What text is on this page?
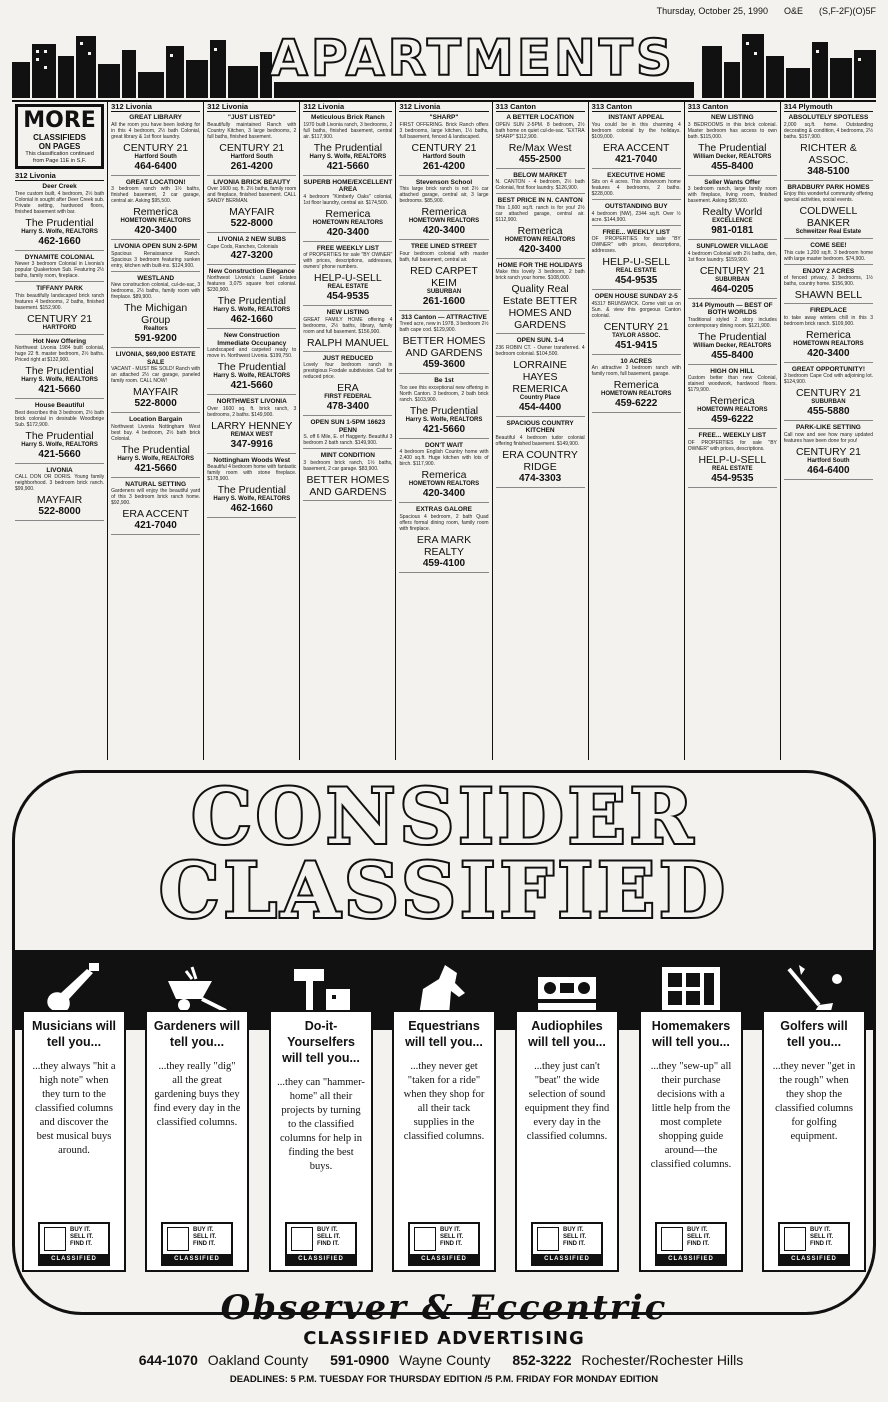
Thursday, October 25, 1990 O&E (S,F-2F)(O)5F
APARTMENTS
MORE
CLASSIFIEDS
ON PAGES
This classification continued from Page 11E in S,F.
312 Livonia
Deer Creek
Tree custom built, 4 bedroom, 2½ bath Colonial in sought after Deer Creek sub. Private setting, hardwood floors, finished basement with bar.
The Prudential
Harry S. Wolfe, REALTORS
462-1660
DYNAMITE COLONIAL
Newer 3 bedroom Colonial in Livonia's popular Quakertown Sub. Featuring 2½ baths, family room, fireplace.
TIFFANY PARK
This beautifully landscaped brick ranch features 4 bedrooms, 2 baths, finished basement. $152,900.
CENTURY 21
HARTFORD
Hot New Offering
Northwest Livonia 1984 built colonial, huge 22 ft. master bedroom, 2½ baths. Priced right at $132,900.
The Prudential
Harry S. Wolfe, REALTORS
421-5660
House Beautiful
Best describes this 3 bedroom, 2½ bath brick colonial in desirable Woodbrige Sub. $172,900.
The Prudential
Harry S. Wolfe, REALTORS
421-5660
LIVONIA
CALL DON OR DORIS. Young family neighborhood. 3 bedroom brick ranch. $99,900.
MAYFAIR
522-8000
312 Livonia
GREAT LIBRARY
All the room you have been looking for in this 4 bedroom, 2½ bath Colonial, great library & 1st floor laundry.
CENTURY 21
Hartford South
464-6400
GREAT LOCATION!
3 bedroom ranch with 1½ baths, finished basement, 2 car garage, central air. Asking $95,500.
Remerica
HOMETOWN REALTORS
420-3400
LIVONIA OPEN SUN 2-5PM
Spacious Renaissance Ranch. Spacious 3 bedroom featuring sunken entry, kitchen with built-ins. $124,900.
WESTLAND
New construction colonial, cul-de-sac, 3 bedrooms, 2½ baths, family room with fireplace. $89,900.
The Michigan Group
Realtors
591-9200
LIVONIA, $69,900 ESTATE SALE
VACANT - MUST BE SOLD! Ranch with an attached 2½ car garage, paneled family room. CALL NOW!
MAYFAIR
522-8000
Location Bargain
Northwest Livonia Nottingham West best buy. 4 bedroom, 2½ bath brick Colonial.
The Prudential
Harry S. Wolfe, REALTORS
421-5660
NATURAL SETTING
Gardeners will enjoy the beautiful yard of this 3 bedroom brick ranch home. $92,900.
ERA ACCENT
421-7040
312 Livonia
"JUST LISTED"
Beautifully maintained Ranch with Country Kitchen, 3 large bedrooms, 2 full baths, finished basement.
CENTURY 21
Hartford South
261-4200
LIVONIA BRICK BEAUTY
Over 1600 sq. ft. 2½ baths, family room and fireplace, finished basement. CALL SANDY BERMAN.
MAYFAIR
522-8000
LIVONIA 2 NEW SUBS
Cape Cods, Ranches, Colonials
427-3200
New Construction Elegance
Northwest Livonia's Laurel Estates features 3,075 square foot colonial. $230,900.
The Prudential
Harry S. Wolfe, REALTORS
462-1660
New Construction Immediate Occupancy
Landscaped and carpeted ready to move in. Northwest Livonia. $199,750.
The Prudential
Harry S. Wolfe, REALTORS
421-5660
NORTHWEST LIVONIA
Over 1600 sq. ft. brick ranch, 3 bedrooms, 2 baths. $149,900.
LARRY HENNEY
RE/MAX WEST
347-9916
Nottingham Woods West
Beautiful 4 bedroom home with fantastic family room with stone fireplace. $178,900.
The Prudential
Harry S. Wolfe, REALTORS
462-1660
312 Livonia
Meticulous Brick Ranch
1970 built Livonia ranch, 3 bedrooms, 2 full baths, finished basement, central air. $117,900.
The Prudential
Harry S. Wolfe, REALTORS
421-5660
SUPERB HOME/EXCELLENT AREA
4 bedroom "Kimberly Oaks" colonial, 1st floor laundry, central air. $174,500.
Remerica
HOMETOWN REALTORS
420-3400
FREE WEEKLY LIST
of PROPERTIES for sale "BY OWNER" with prices, descriptions, addresses, owners' phone numbers.
HELP-U-SELL
REAL ESTATE
454-9535
NEW LISTING
GREAT FAMILY HOME offering 4 bedrooms, 2½ baths, library, family room and full basement. $156,900.
RALPH MANUEL
JUST REDUCED
Lovely four bedroom ranch in prestigious Foxdale subdivision. Call for reduced price.
ERA
FIRST FEDERAL
478-3400
OPEN SUN 1-5PM 16623 PENN
S. off 6 Mile, E. of Haggerty. Beautiful 3 bedroom 2 bath ranch. $149,900.
MINT CONDITION
3 bedroom brick ranch, 1½ baths, basement, 2 car garage. $83,900.
BETTER HOMES AND GARDENS
312 Livonia
"SHARP"
FIRST OFFERING. Brick Ranch offers 3 bedrooms, large kitchen, 1½ baths, full basement, fenced & landscaped.
CENTURY 21
Hartford South
261-4200
Stevenson School
This large brick ranch is not 2½ car attached garage, central air, 3 large bedrooms. $85,900.
Remerica
HOMETOWN REALTORS
420-3400
TREE LINED STREET
Four bedroom colonial with master bath, full basement, central air.
RED CARPET KEIM
SUBURBAN
261-1600
313 Canton — ATTRACTIVE
Treed acre, new in 1978, 3 bedroom 2½ bath cape cod. $129,900.
BETTER HOMES AND GARDENS
459-3600
Be 1st
Too see this exceptional new offering in North Canton. 3 bedroom, 2 bath brick ranch. $103,900.
The Prudential
Harry S. Wolfe, REALTORS
421-5660
DON'T WAIT
4 bedroom English Country home with 2,400 sq.ft. Huge kitchen with lots of birch. $117,900.
Remerica
HOMETOWN REALTORS
420-3400
EXTRAS GALORE
Spacious 4 bedroom, 2 bath Quad offers formal dining room, family room with fireplace.
ERA MARK REALTY
459-4100
313 Canton
A BETTER LOCATION
OPEN SUN 2-5PM. 8 bedroom, 2½ bath home on quiet cul-de-sac. "EXTRA SHARP" $112,900.
Re/Max West
455-2500
BELOW MARKET
N. CANTON - 4 bedroom, 2½ bath Colonial, first floor laundry. $126,900.
BEST PRICE IN N. CANTON
This 1,600 sq.ft. ranch is for you! 2½ car attached garage, central air. $112,900.
Remerica
HOMETOWN REALTORS
420-3400
HOME FOR THE HOLIDAYS
Make this lovely 3 bedroom, 2 bath brick ranch your home. $108,000.
Quality Real Estate BETTER HOMES AND GARDENS
OPEN SUN. 1-4
236 ROBIN CT. - Owner transferred. 4 bedroom colonial. $104,500.
LORRAINE HAYES REMERICA
Country Place
454-4400
SPACIOUS COUNTRY KITCHEN
Beautiful 4 bedroom tudor colonial offering finished basement. $149,900.
ERA COUNTRY RIDGE
474-3303
313 Canton
INSTANT APPEAL
You could be in this charming 4 bedroom colonial by the holidays. $109,000.
ERA ACCENT
421-7040
EXECUTIVE HOME
Sits on 4 acres. This showroom home features 4 bedrooms, 2 baths. $228,000.
OUTSTANDING BUY
4 bedroom (NW), 2344 sq.ft. Over ½ acre. $144,900.
FREE... WEEKLY LIST
OF PROPERTIES for sale "BY OWNER" with prices, descriptions, addresses.
HELP-U-SELL
REAL ESTATE
454-9535
OPEN HOUSE SUNDAY 2-5
45317 BRUNSWICK. Come visit us on Sun. & view this gorgeous Canton colonial.
CENTURY 21
TAYLOR ASSOC.
451-9415
10 ACRES
An attractive 3 bedroom ranch with family room, full basement, garage.
Remerica
HOMETOWN REALTORS
459-6222
313 Canton
NEW LISTING
3 BEDROOMS in this brick colonial. Master bedroom has access to own bath. $115,000.
The Prudential
William Decker, REALTORS
455-8400
Seller Wants Offer
3 bedroom ranch, large family room with fireplace, living room, finished basement. Asking $89,500.
Realty World
EXCELLENCE
981-0181
SUNFLOWER VILLAGE
4 bedroom Colonial with 2½ baths, den, 1st floor laundry. $159,900.
CENTURY 21
SUBURBAN
464-0205
314 Plymouth — BEST OF BOTH WORLDS
Traditional styled 2 story includes contemporary dining room. $121,900.
The Prudential
William Decker, REALTORS
455-8400
HIGH ON HILL
Custom better than new Colonial, stained woodwork, hardwood floors. $179,900.
Remerica
HOMETOWN REALTORS
459-6222
FREE... WEEKLY LIST
OF PROPERTIES for sale "BY OWNER" with prices, descriptions.
HELP-U-SELL
REAL ESTATE
454-9535
314 Plymouth
ABSOLUTELY SPOTLESS
2,000 sq.ft. home. Outstanding decorating & condition, 4 bedrooms, 2½ baths. $157,900.
RICHTER & ASSOC.
348-5100
BRADBURY PARK HOMES
Enjoy this wonderful community offering special activities, social events.
COLDWELL BANKER
Schweitzer Real Estate
COME SEE!
This cute 1,200 sq.ft. 3 bedroom home with large master bedroom. $74,900.
ENJOY 2 ACRES
of fenced privacy, 3 bedrooms, 1½ baths, country home. $156,900.
SHAWN BELL
FIREPLACE
to take away winters chill in this 3 bedroom brick ranch. $109,900.
Remerica
HOMETOWN REALTORS
420-3400
GREAT OPPORTUNITY!
3 bedroom Cape Cod with adjoining lot. $124,900.
CENTURY 21
SUBURBAN
455-5880
PARK-LIKE SETTING
Call now and see how many updated features have been done for you!
CENTURY 21
Hartford South
464-6400
CONSIDER
CLASSIFIED
Musicians will tell you...
...they always "hit a high note" when they turn to the classified columns and discover the best musical buys around.
BUY IT.
SELL IT.
FIND IT.
CLASSIFIED
Gardeners will tell you...
...they really "dig" all the great gardening buys they find every day in the classified columns.
BUY IT.
SELL IT.
FIND IT.
CLASSIFIED
Do-it-Yourselfers will tell you...
...they can "hammer-home" all their projects by turning to the classified columns for help in finding the best buys.
BUY IT.
SELL IT.
FIND IT.
CLASSIFIED
Equestrians will tell you...
...they never get "taken for a ride" when they shop for all their tack supplies in the classified columns.
BUY IT.
SELL IT.
FIND IT.
CLASSIFIED
Audiophiles will tell you...
...they just can't "beat" the wide selection of sound equipment they find every day in the classified columns.
BUY IT.
SELL IT.
FIND IT.
CLASSIFIED
Homemakers will tell you...
...they "sew-up" all their purchase decisions with a little help from the most complete shopping guide around—the classified columns.
BUY IT.
SELL IT.
FIND IT.
CLASSIFIED
Golfers will tell you...
...they never "get in the rough" when they shop the classified columns for golfing equipment.
BUY IT.
SELL IT.
FIND IT.
CLASSIFIED
Observer & Eccentric
CLASSIFIED ADVERTISING
644-1070 Oakland County 591-0900 Wayne County 852-3222 Rochester/Rochester Hills
DEADLINES: 5 P.M. TUESDAY FOR THURSDAY EDITION /5 P.M. FRIDAY FOR MONDAY EDITION
